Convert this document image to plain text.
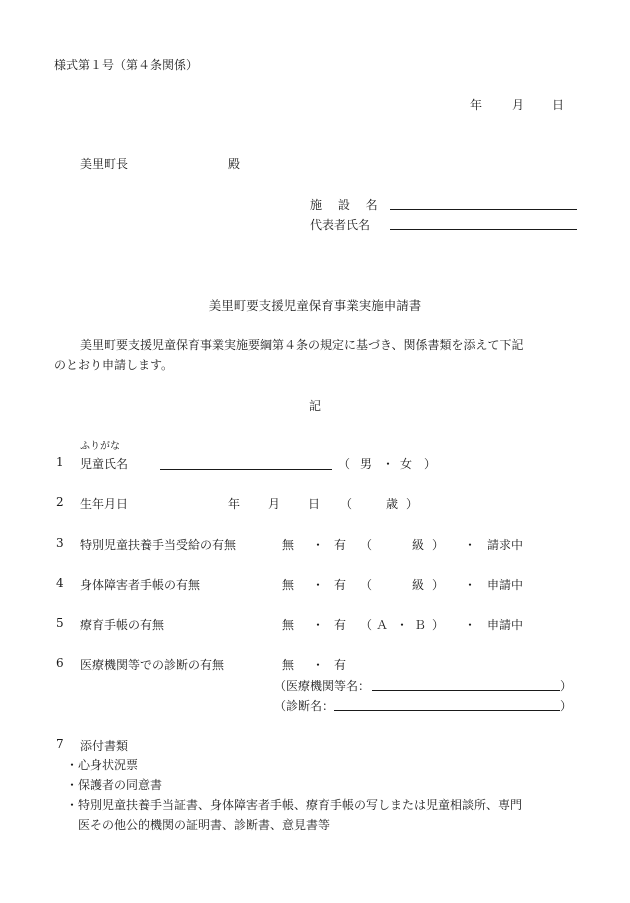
様式第１号（第４条関係）
年 月 日
美里町長	殿
施 設 名
代表者氏名
美里町要支援児童保育事業実施申請書
美里町要支援児童保育事業実施要綱第４条の規定に基づき、関係書類を添えて下記
のとおり申請します。
記
ふりがな
1 児童氏名	（ 男 ・ 女 ）
2 生年月日	年 月 日 （	歳 ）
3 特別児童扶養手当受給の有無	無 ・ 有 （	級 ） ・ 請求中
4 身体障害者手帳の有無	無 ・ 有 （	級 ） ・ 申請中
5 療育手帳の有無	無 ・ 有 （ Ａ ・ Ｂ ） ・ 申請中
6 医療機関等での診断の有無	無 ・ 有
（医療機関等名：	）
（診断名：	）
7 添付書類
・ 心身状況票
・ 保護者の同意書
・ 特別児童扶養手当証書、身体障害者手帳、療育手帳の写しまたは児童相談所、専門
医その他公的機関の証明書、診断書、意見書等
